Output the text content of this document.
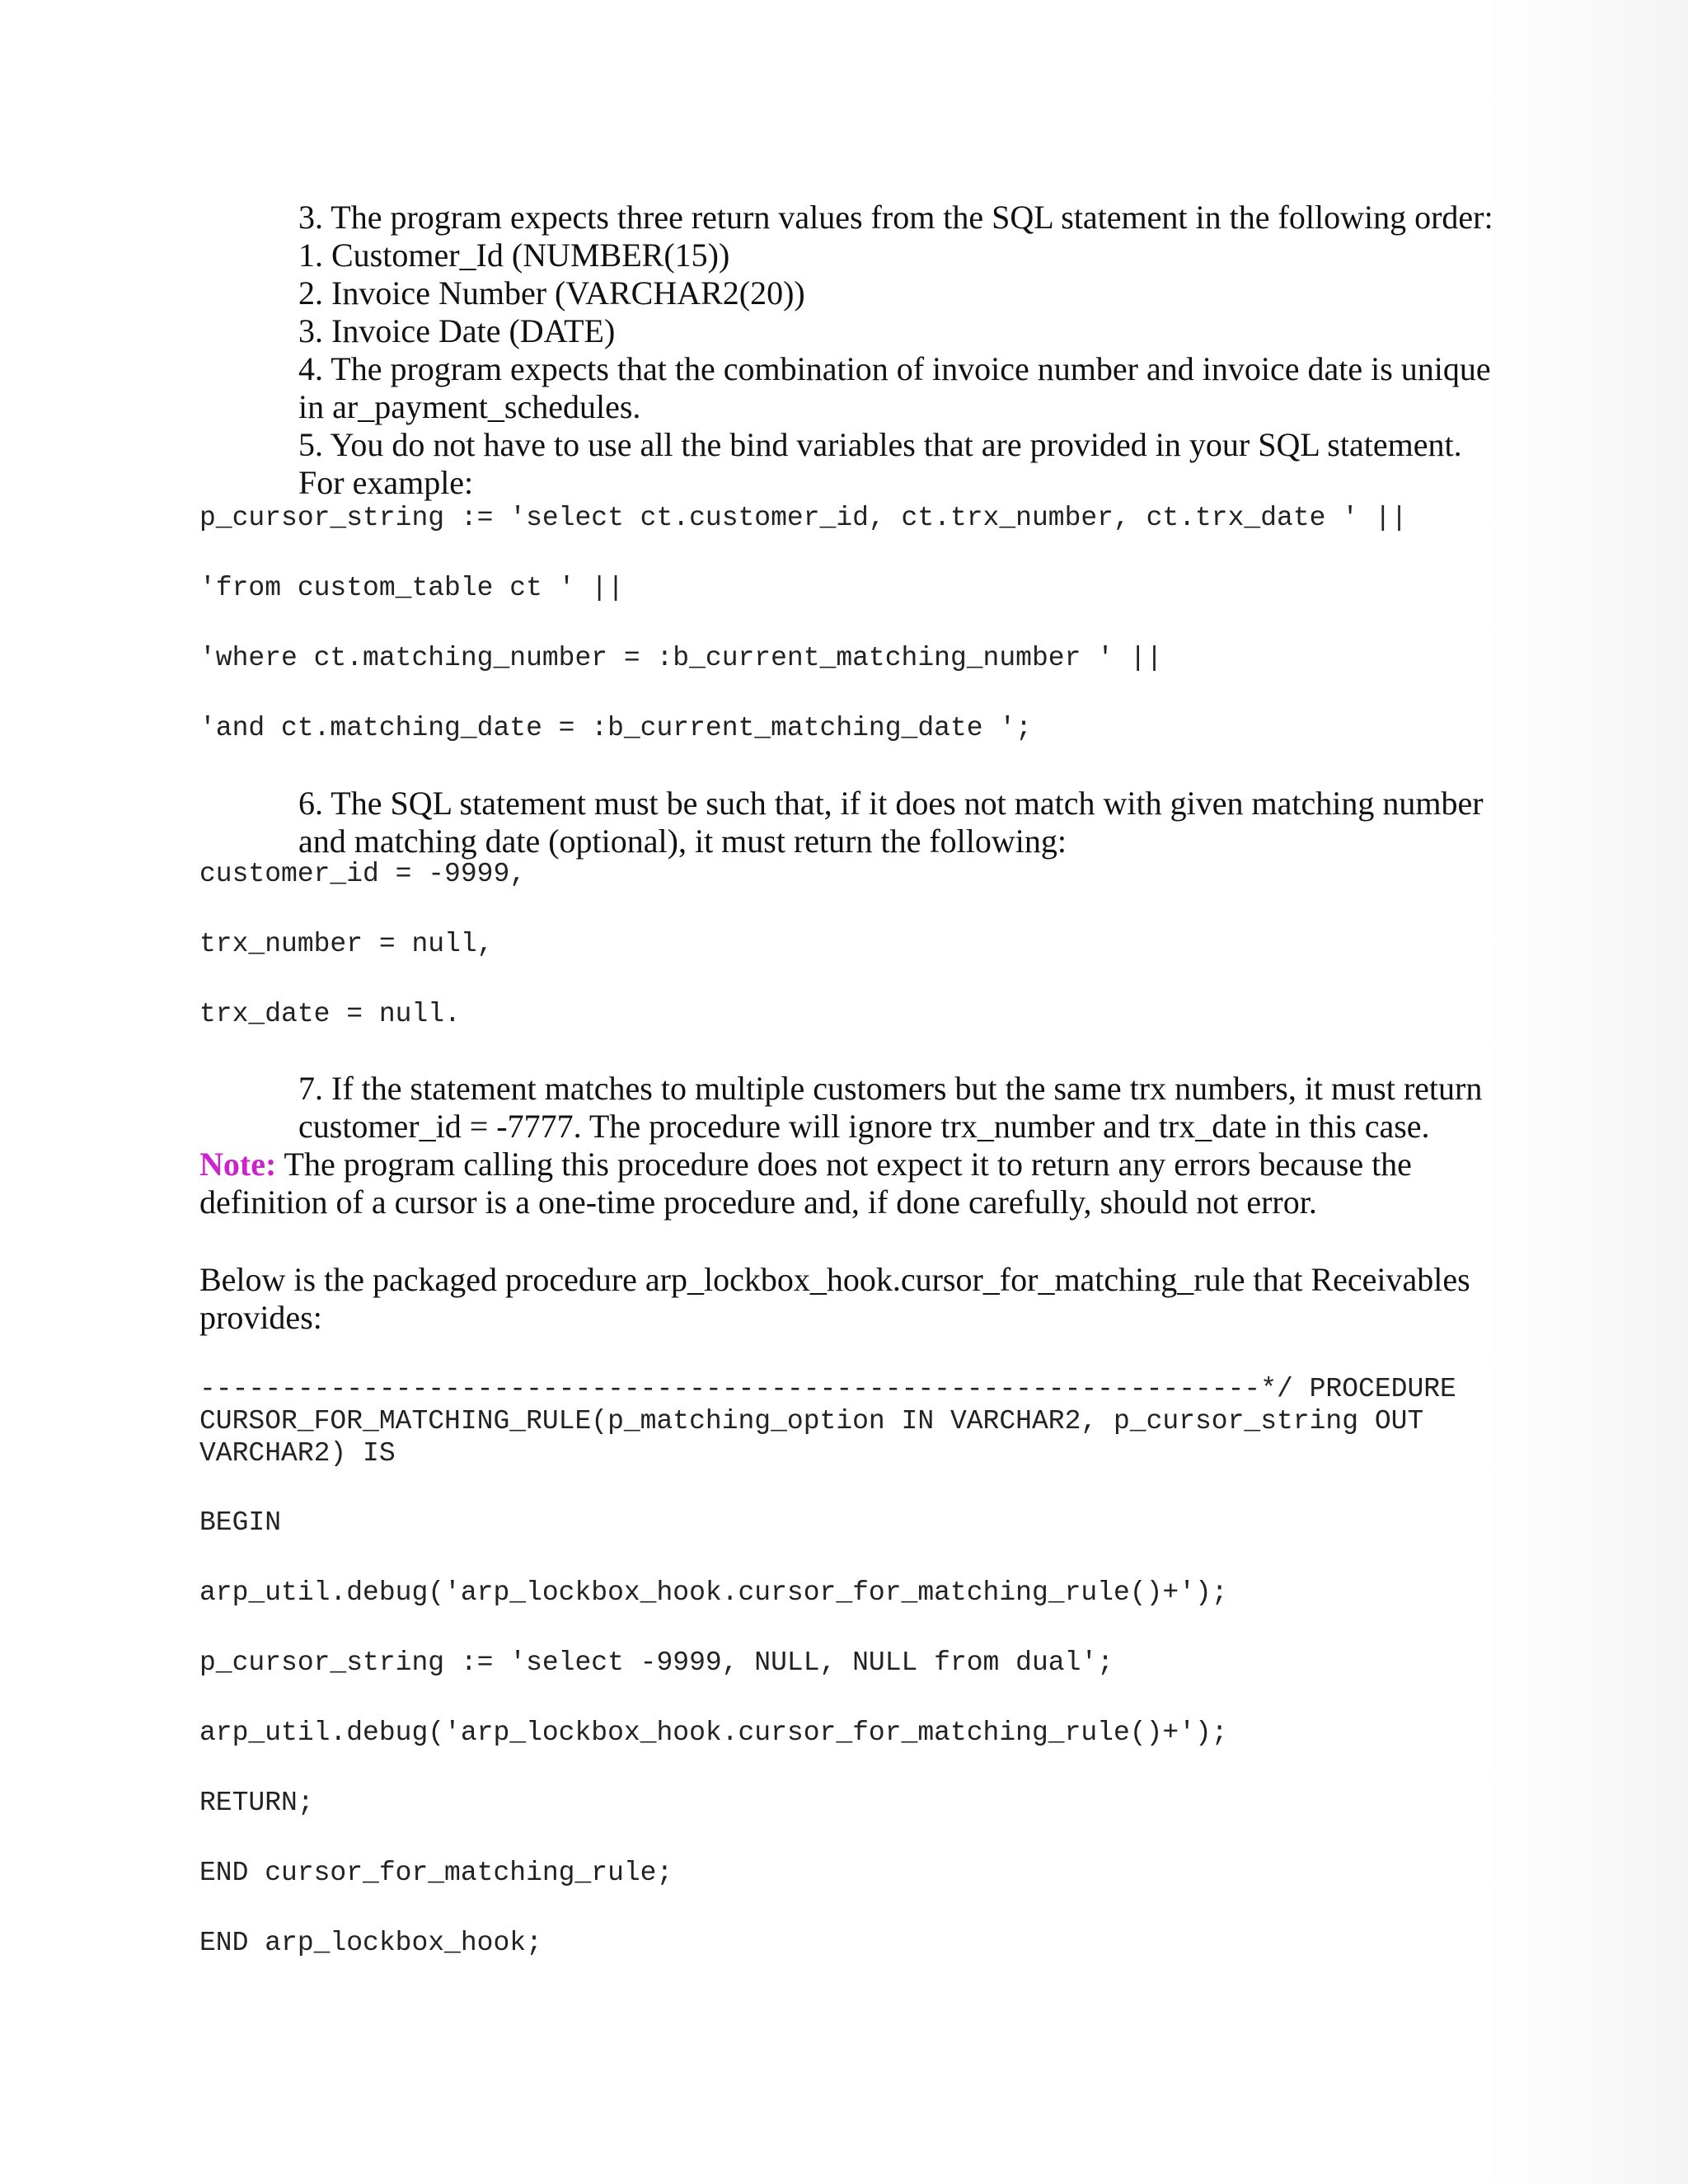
3. The program expects three return values from the SQL statement in the following order:
1. Customer_Id (NUMBER(15))
2. Invoice Number (VARCHAR2(20))
3. Invoice Date (DATE)
4. The program expects that the combination of invoice number and invoice date is unique
in ar_payment_schedules.
5. You do not have to use all the bind variables that are provided in your SQL statement.
For example:
p_cursor_string := 'select ct.customer_id, ct.trx_number, ct.trx_date ' ||
'from custom_table ct ' ||
'where ct.matching_number = :b_current_matching_number ' ||
'and ct.matching_date = :b_current_matching_date ';
6. The SQL statement must be such that, if it does not match with given matching number
and matching date (optional), it must return the following:
customer_id = -9999,
trx_number = null,
trx_date = null.
7. If the statement matches to multiple customers but the same trx numbers, it must return
customer_id = -7777. The procedure will ignore trx_number and trx_date in this case.
Note: The program calling this procedure does not expect it to return any errors because the
definition of a cursor is a one-time procedure and, if done carefully, should not error.
Below is the packaged procedure arp_lockbox_hook.cursor_for_matching_rule that Receivables
provides:
-----------------------------------------------------------------*/ PROCEDURE
CURSOR_FOR_MATCHING_RULE(p_matching_option IN VARCHAR2, p_cursor_string OUT
VARCHAR2) IS
BEGIN
arp_util.debug('arp_lockbox_hook.cursor_for_matching_rule()+');
p_cursor_string := 'select -9999, NULL, NULL from dual';
arp_util.debug('arp_lockbox_hook.cursor_for_matching_rule()+');
RETURN;
END cursor_for_matching_rule;
END arp_lockbox_hook;
